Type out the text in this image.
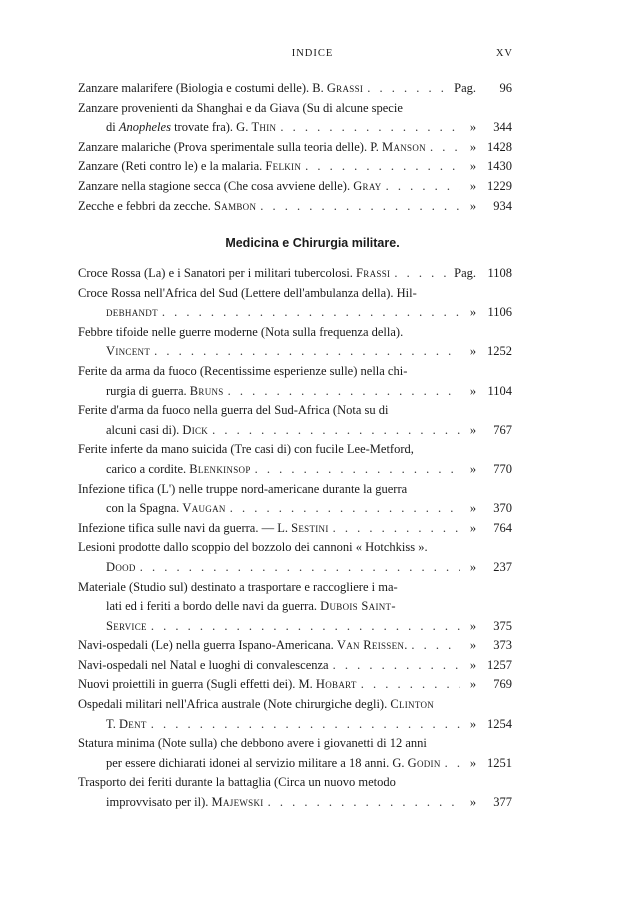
INDICE	XV
Zanzare malarifere (Biologia e costumi delle). B. Grassi . . .	Pag.	96
Zanzare provenienti da Shanghai e da Giava (Su di alcune specie
di Anopheles trovate fra). G. Thin . . .	»	344
Zanzare malariche (Prova sperimentale sulla teoria delle). P. Manson . . .	» 1428
Zanzare (Reti contro le) e la malaria. Felkin . . .	» 1430
Zanzare nella stagione secca (Che cosa avviene delle). Gray . . .	» 1229
Zecche e febbri da zecche. Sambon . . .	»	934
Medicina e Chirurgia militare.
Croce Rossa (La) e i Sanatori per i militari tubercolosi. Frassi . . .	Pag. 1108
Croce Rossa nell'Africa del Sud (Lettere dell'ambulanza della). Hil-
debhandt . . .	» 1106
Febbre tifoide nelle guerre moderne (Nota sulla frequenza della).
Vincent . . .	» 1252
Ferite da arma da fuoco (Recentissime esperienze sulle) nella chi-
rurgia di guerra. Bruns . . .	» 1104
Ferite d'arma da fuoco nella guerra del Sud-Africa (Nota su di
alcuni casi di). Dick . . .	»	767
Ferite inferte da mano suicida (Tre casi di) con fucile Lee-Metford,
carico a cordite. Blenkinsop . . .	»	770
Infezione tifica (L') nelle truppe nord-americane durante la guerra
con la Spagna. Vaugan . . .	»	370
Infezione tifica sulle navi da guerra. — L. Sestini . . .	»	764
Lesioni prodotte dallo scoppio del bozzolo dei cannoni « Hotchkiss ».
Dood . . .	»	237
Materiale (Studio sul) destinato a trasportare e raccogliere i ma-
lati ed i feriti a bordo delle navi da guerra. Dubois Saint-
Service . . .	»	375
Navi-ospedali (Le) nella guerra Ispano-Americana. Van Reissen. . . .	»	373
Navi-ospedali nel Natal e luoghi di convalescenza . . .	» 1257
Nuovi proiettili in guerra (Sugli effetti dei). M. Hobart . . .	»	769
Ospedali militari nell'Africa australe (Note chirurgiche degli). Clinton
T. Dent . . .	» 1254
Statura minima (Note sulla) che debbono avere i giovanetti di 12 anni
per essere dichiarati idonei al servizio militare a 18 anni. G. Godin . . .	» 1251
Trasporto dei feriti durante la battaglia (Circa un nuovo metodo
improvvisato per il). Majewski . . .	»	377
